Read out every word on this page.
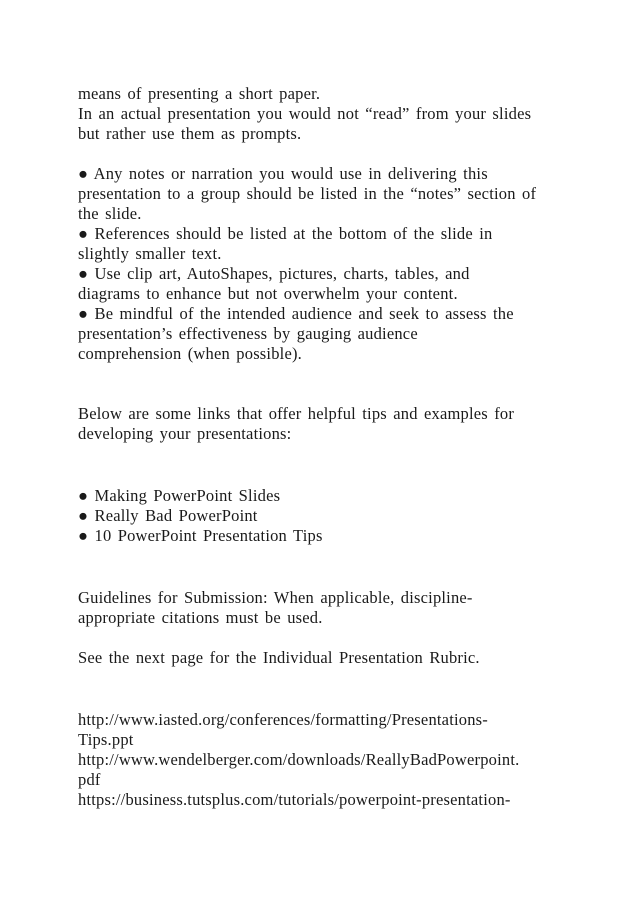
means of presenting a short paper.
In an actual presentation you would not “read” from your slides
but rather use them as prompts.
● Any notes or narration you would use in delivering this
presentation to a group should be listed in the “notes” section of
the slide.
● References should be listed at the bottom of the slide in
slightly smaller text.
● Use clip art, AutoShapes, pictures, charts, tables, and
diagrams to enhance but not overwhelm your content.
● Be mindful of the intended audience and seek to assess the
presentation’s effectiveness by gauging audience
comprehension (when possible).
Below are some links that offer helpful tips and examples for
developing your presentations:
● Making PowerPoint Slides
● Really Bad PowerPoint
● 10 PowerPoint Presentation Tips
Guidelines for Submission: When applicable, discipline-
appropriate citations must be used.
See the next page for the Individual Presentation Rubric.
http://www.iasted.org/conferences/formatting/Presentations-
Tips.ppt
http://www.wendelberger.com/downloads/ReallyBadPowerpoint.
pdf
https://business.tutsplus.com/tutorials/powerpoint-presentation-
